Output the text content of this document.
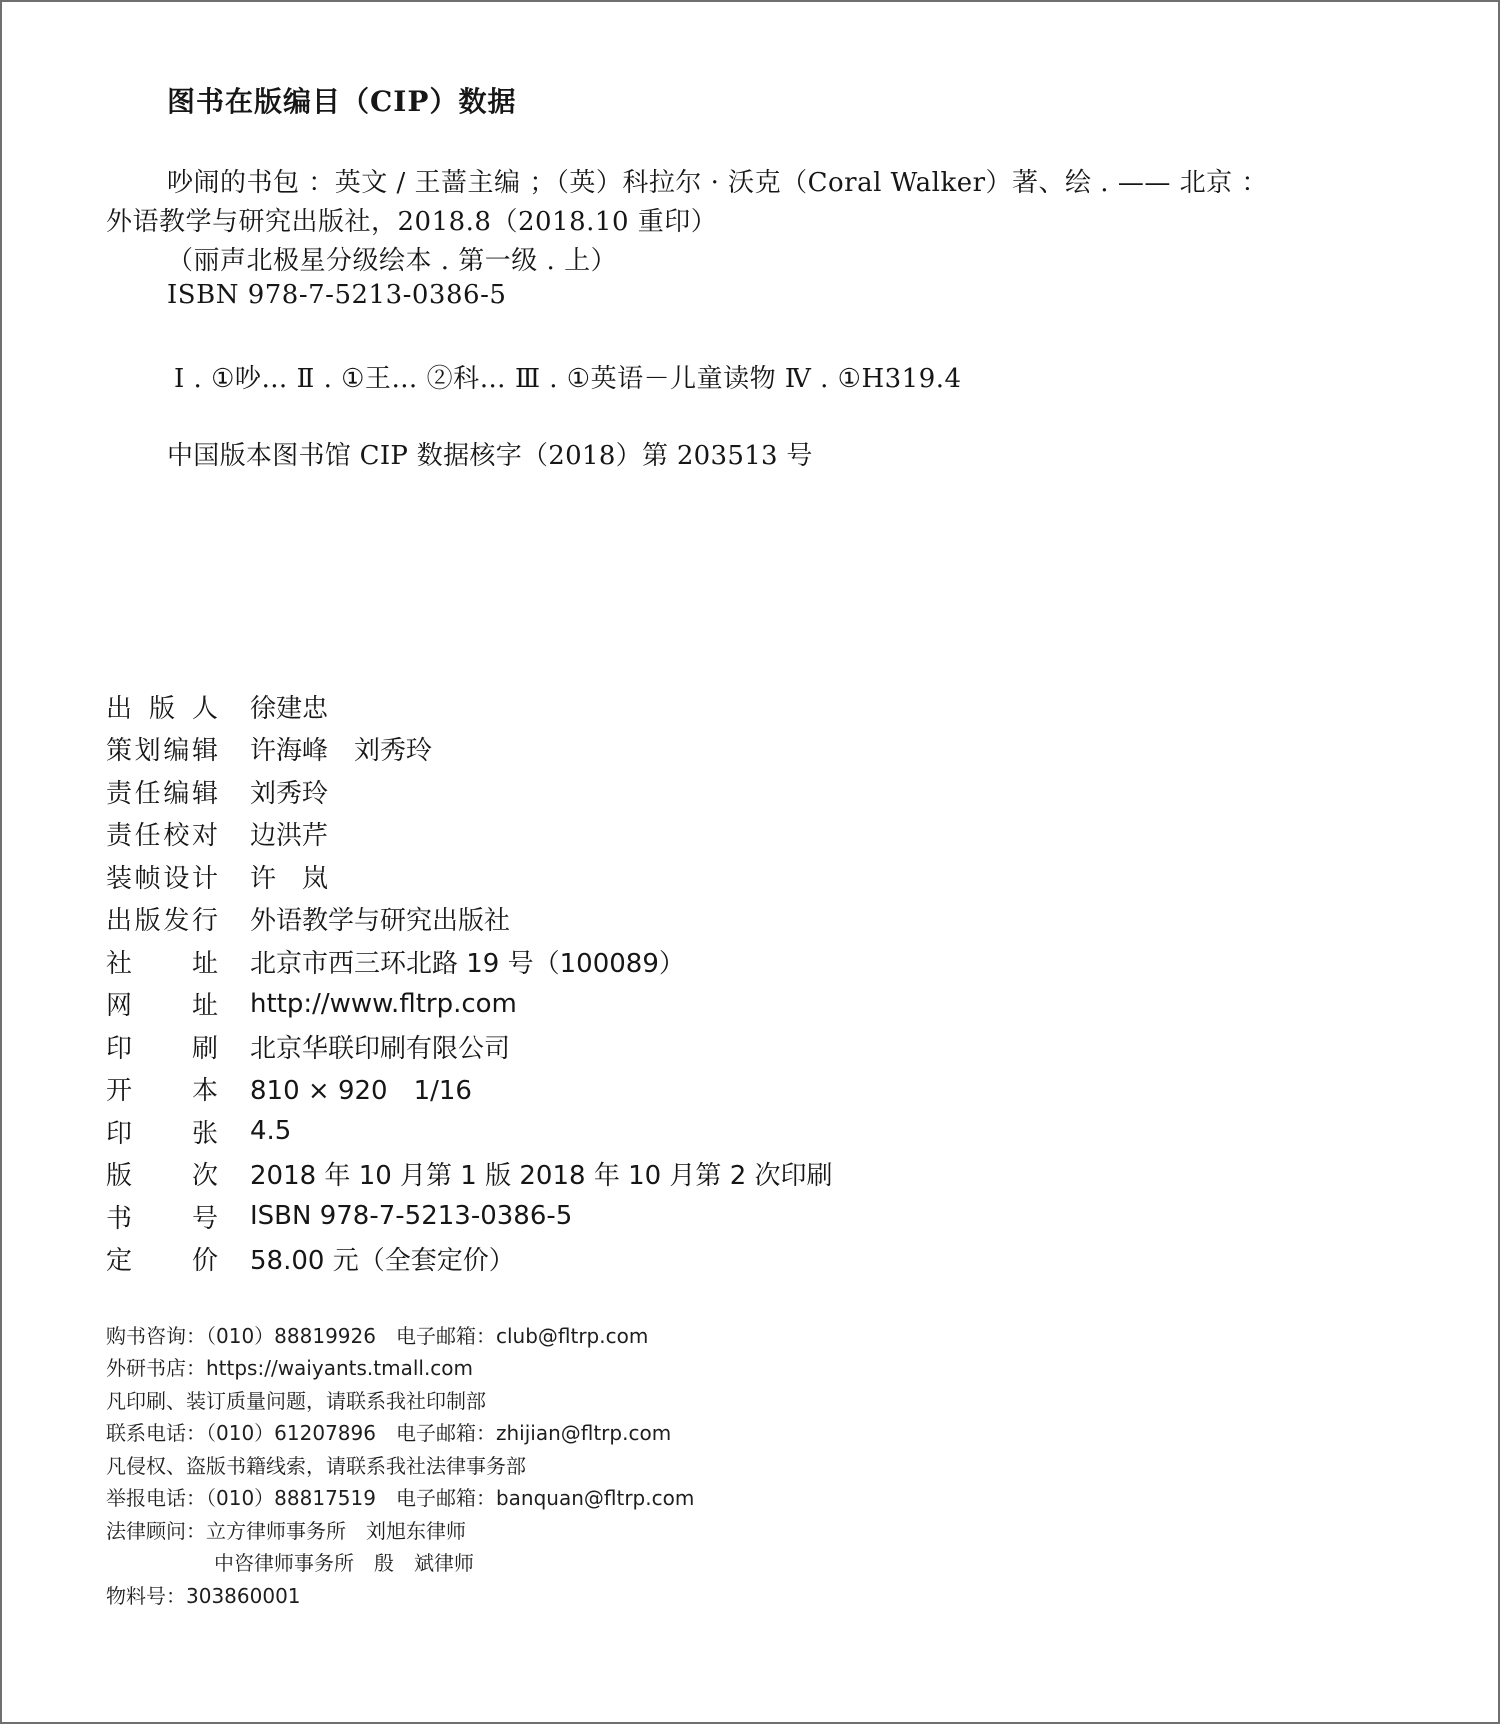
图书在版编目（CIP）数据
吵闹的书包 ：英文 / 王蔷主编 ；（英）科拉尔 · 沃克（Coral Walker）著、绘 . —— 北京 ：
外语教学与研究出版社，2018.8（2018.10 重印）
（丽声北极星分级绘本 . 第一级 . 上）
ISBN 978-7-5213-0386-5
Ⅰ . ①吵… Ⅱ . ①王… ②科… Ⅲ . ①英语－儿童读物 Ⅳ . ①H319.4
中国版本图书馆 CIP 数据核字（2018）第 203513 号
出 版 人 徐建忠
策 划 编 辑 许海峰　刘秀玲
责 任 编 辑 刘秀玲
责 任 校 对 边洪芹
装 帧 设 计 许　岚
出 版 发 行 外语教学与研究出版社
社 址 北京市西三环北路 19 号（100089）
网 址 http://www.fltrp.com
印 刷 北京华联印刷有限公司
开 本 810 × 920　1/16
印 张 4.5
版 次 2018 年 10 月第 1 版 2018 年 10 月第 2 次印刷
书 号 ISBN 978-7-5213-0386-5
定 价 58.00 元（全套定价）
购书咨询：（010）88819926　电子邮箱：club@fltrp.com
外研书店：https://waiyants.tmall.com
凡印刷、装订质量问题，请联系我社印制部
联系电话：（010）61207896　电子邮箱：zhijian@fltrp.com
凡侵权、盗版书籍线索，请联系我社法律事务部
举报电话：（010）88817519　电子邮箱：banquan@fltrp.com
法律顾问：立方律师事务所　刘旭东律师
中咨律师事务所　殷　斌律师
物料号：303860001
